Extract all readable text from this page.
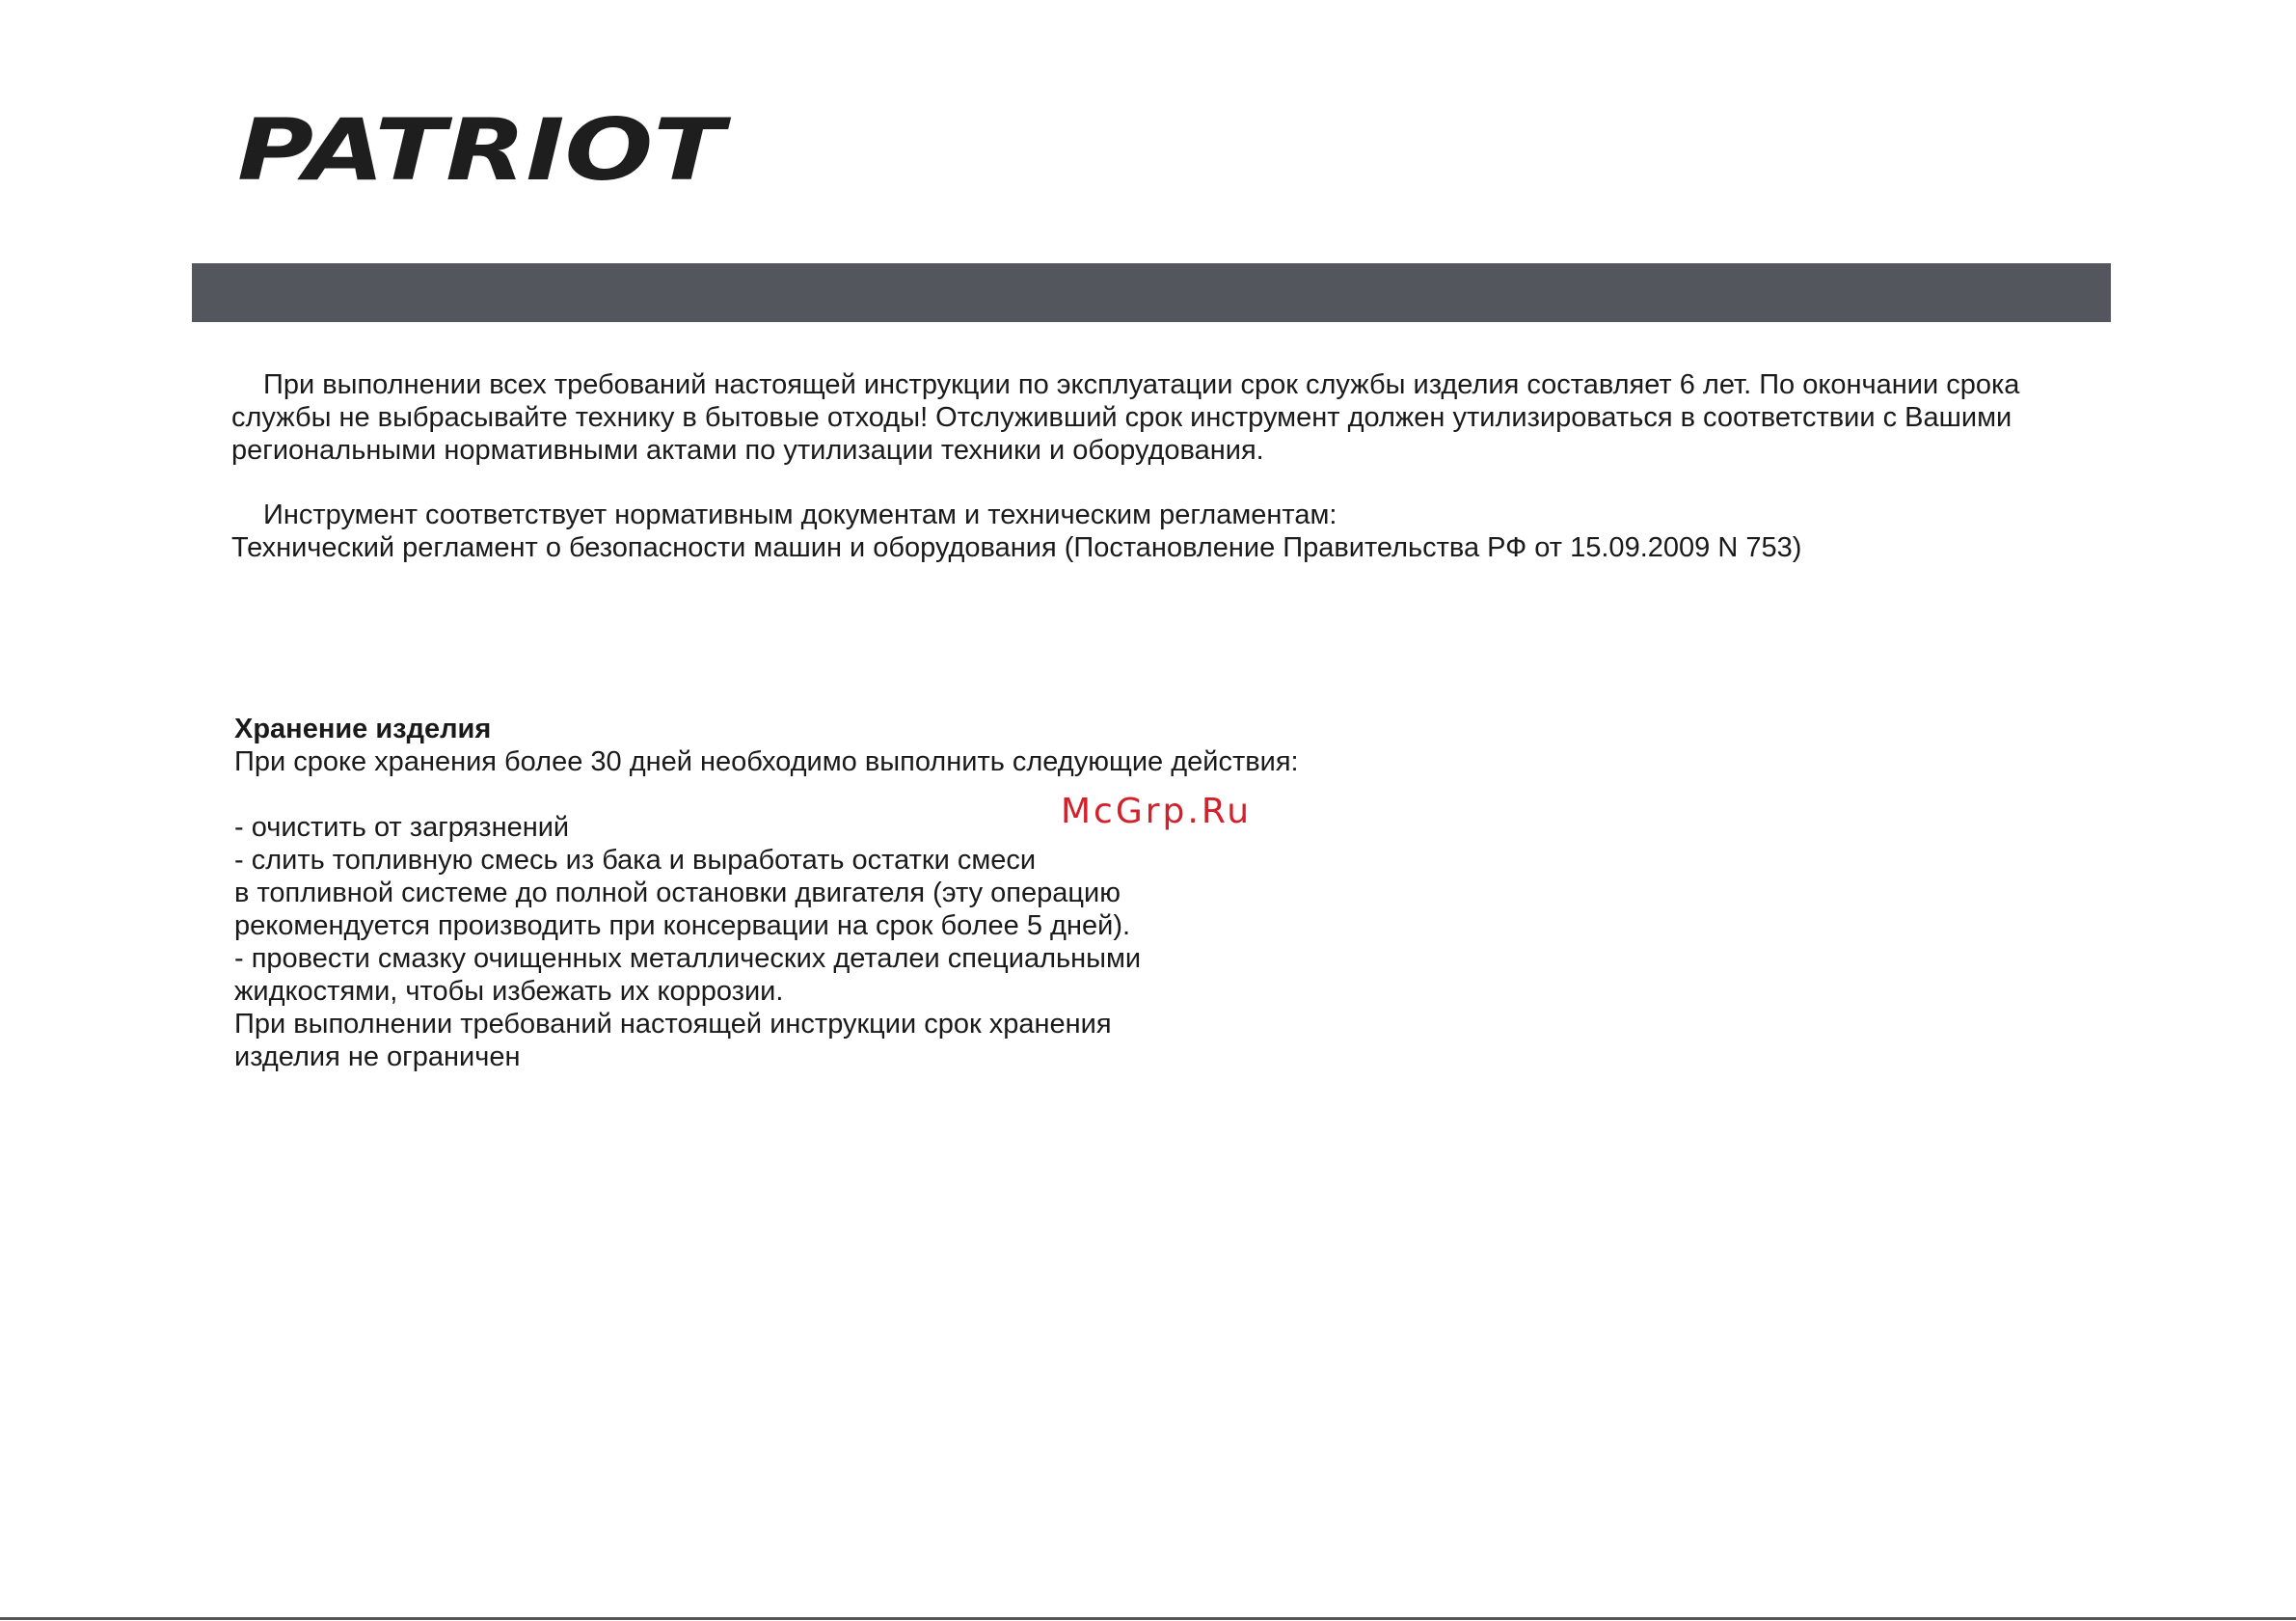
PATRIOT
При выполнении всех требований настоящей инструкции по эксплуатации срок службы изделия составляет 6 лет. По окончании срока
службы не выбрасывайте технику в бытовые отходы! Отслуживший срок инструмент должен утилизироваться в соответствии с Вашими
региональными нормативными актами по утилизации техники и оборудования.
Инструмент соответствует нормативным документам и техническим регламентам:
Технический регламент о безопасности машин и оборудования (Постановление Правительства РФ от 15.09.2009 N 753)
Хранение изделия
При сроке хранения более 30 дней необходимо выполнить следующие действия:
- очистить от загрязнений
- слить топливную смесь из бака и выработать остатки смеси
в топливной системе до полной остановки двигателя (эту операцию
рекомендуется производить при консервации на срок более 5 дней).
- провести смазку очищенных металлических деталеи специальными
жидкостями, чтобы избежать их коррозии.
При выполнении требований настоящей инструкции срок хранения
изделия не ограничен
McGrp.Ru
